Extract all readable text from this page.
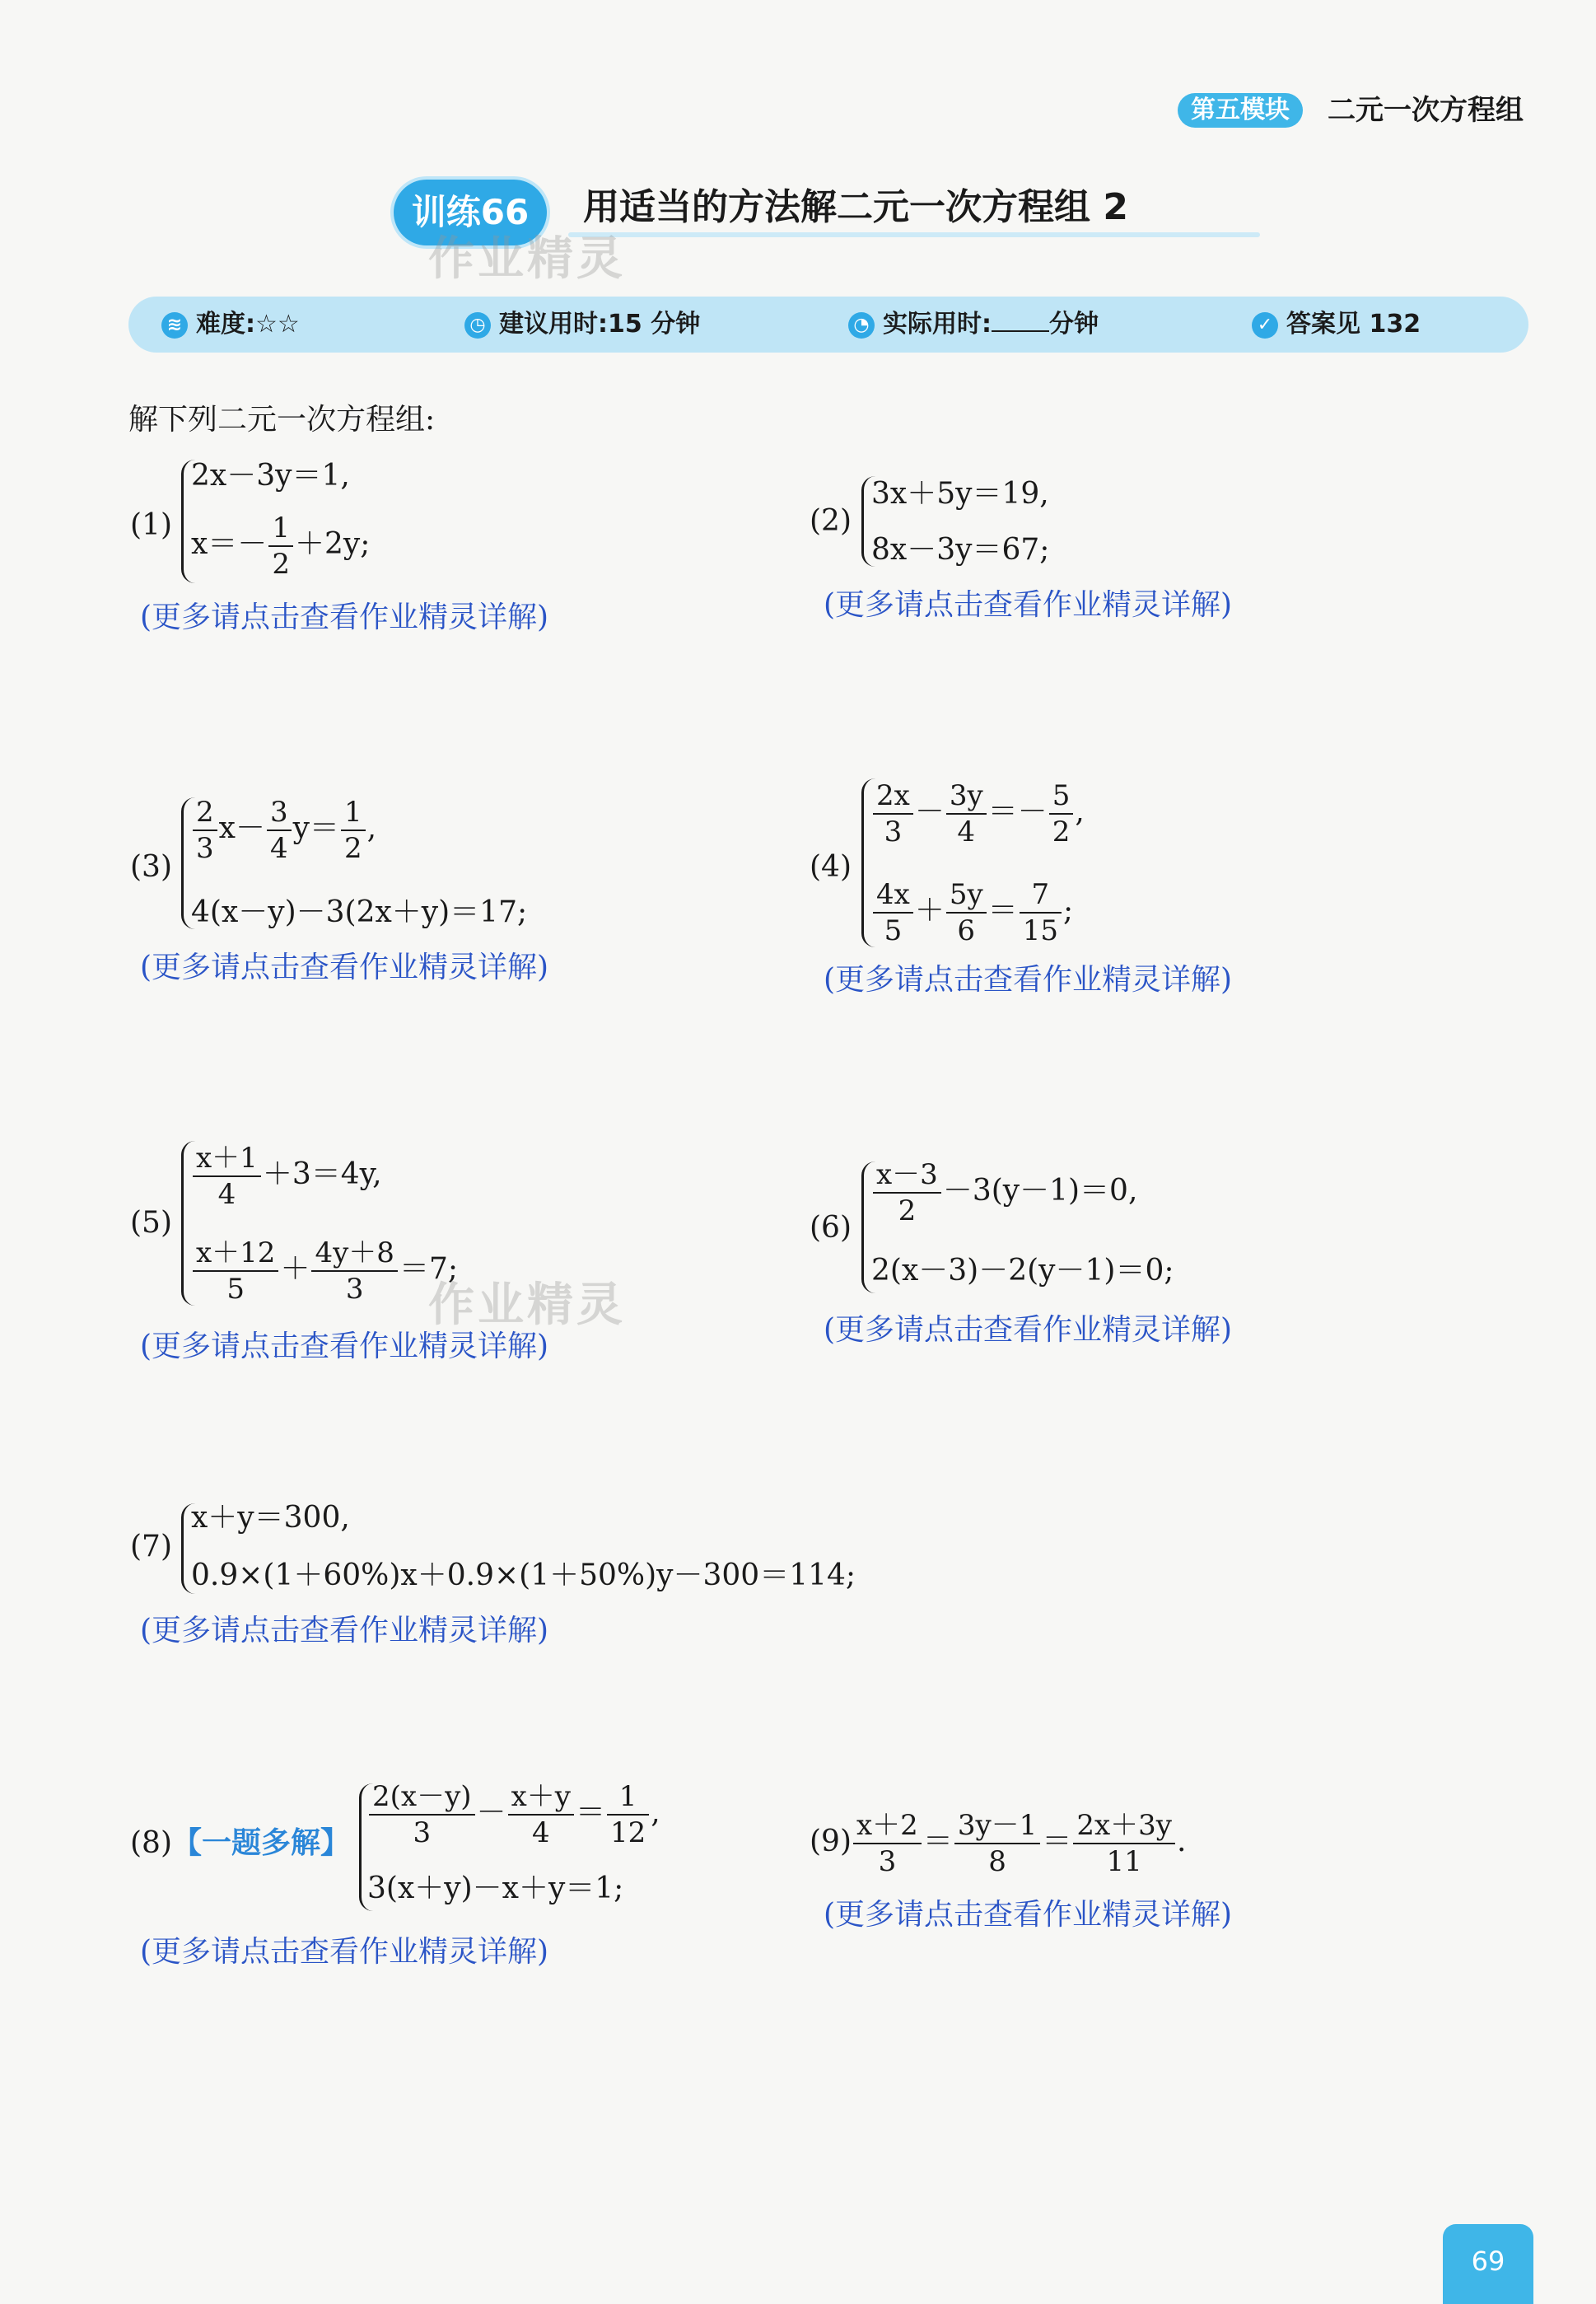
第五模块	二元一次方程组
训练66	用适当的方法解二元一次方程组 2
作业精灵
≋ 难度:☆☆	◷ 建议用时:15 分钟	◔ 实际用时: 分钟	✓ 答案见 132
解下列二元一次方程组:
(1)
2x－3y＝1,
$x=- \frac{1}{2} +2y$;
(更多请点击查看作业精灵详解)
(2)
3x＋5y＝19,
8x－3y＝67;
(更多请点击查看作业精灵详解)
(3)
$\frac{2}{3} x- \frac{3}{4} y= \frac{1}{2}$ ,
4(x－y)－3(2x＋y)＝17;
(更多请点击查看作业精灵详解)
(4)
$\frac{2x}{3} - \frac{3y}{4} =- \frac{5}{2}$ ,
$\frac{4x}{5} + \frac{5y}{6} = \frac{7}{15}$ ;
(更多请点击查看作业精灵详解)
(5)
$\frac{x+1}{4} +3=4y$,
$\frac{x+12}{5} + \frac{4y+8}{3} =7$;
作业精灵
(更多请点击查看作业精灵详解)
$(6) \frac{x-3}{2} -3(y-1)=0$,
2(x－3)－2(y－1)＝0;
(更多请点击查看作业精灵详解)
(7)
x＋y＝300,
0.9×(1＋60%)x＋0.9×(1＋50%)y－300＝114;
(更多请点击查看作业精灵详解)
(8)【一题多解】 $\frac{2(x-y)}{3} - \frac{x+y}{4} = \frac{1}{12}$ ,
3(x＋y)－x＋y＝1;
(更多请点击查看作业精灵详解)
$(9) \frac{x+2}{3} = \frac{3y-1}{8} = \frac{2x+3y}{11}$ .
(更多请点击查看作业精灵详解)
69
